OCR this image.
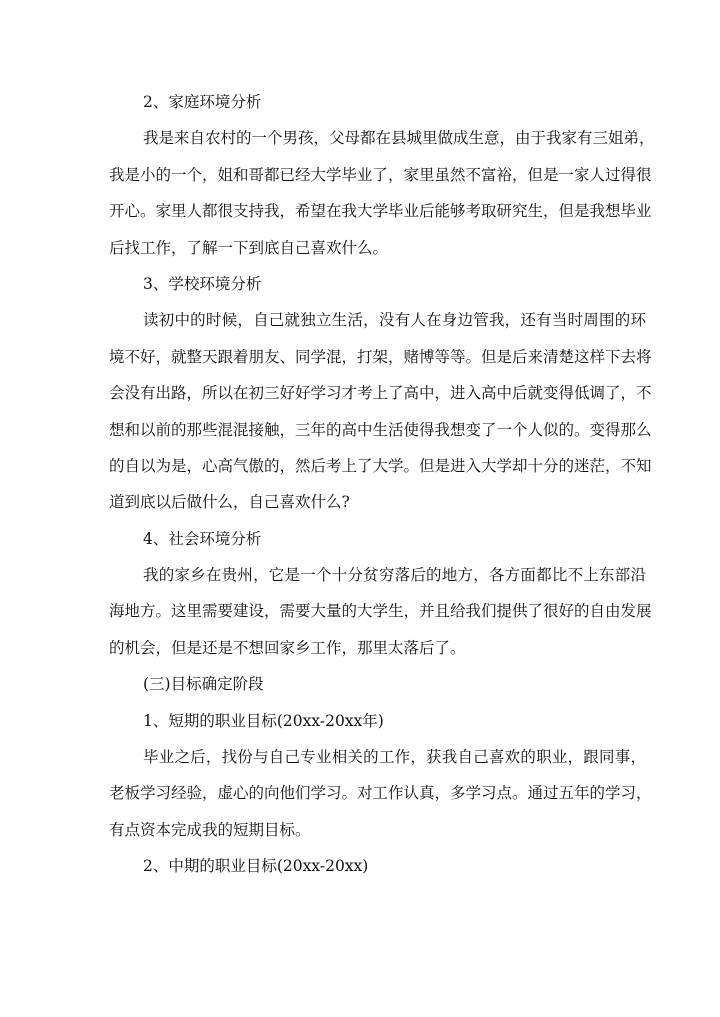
2、家庭环境分析
我是来自农村的一个男孩，父母都在县城里做成生意，由于我家有三姐弟，
我是小的一个，姐和哥都已经大学毕业了，家里虽然不富裕，但是一家人过得很
开心。家里人都很支持我，希望在我大学毕业后能够考取研究生，但是我想毕业
后找工作，了解一下到底自己喜欢什么。
3、学校环境分析
读初中的时候，自己就独立生活，没有人在身边管我，还有当时周围的环
境不好，就整天跟着朋友、同学混，打架，赌博等等。但是后来清楚这样下去将
会没有出路，所以在初三好好学习才考上了高中，进入高中后就变得低调了，不
想和以前的那些混混接触，三年的高中生活使得我想变了一个人似的。变得那么
的自以为是，心高气傲的，然后考上了大学。但是进入大学却十分的迷茫，不知
道到底以后做什么，自己喜欢什么?
4、社会环境分析
我的家乡在贵州，它是一个十分贫穷落后的地方，各方面都比不上东部沿
海地方。这里需要建设，需要大量的大学生，并且给我们提供了很好的自由发展
的机会，但是还是不想回家乡工作，那里太落后了。
(三)目标确定阶段
1、短期的职业目标(20xx-20xx年)
毕业之后，找份与自己专业相关的工作，获我自己喜欢的职业，跟同事，
老板学习经验，虚心的向他们学习。对工作认真，多学习点。通过五年的学习，
有点资本完成我的短期目标。
2、中期的职业目标(20xx-20xx)
